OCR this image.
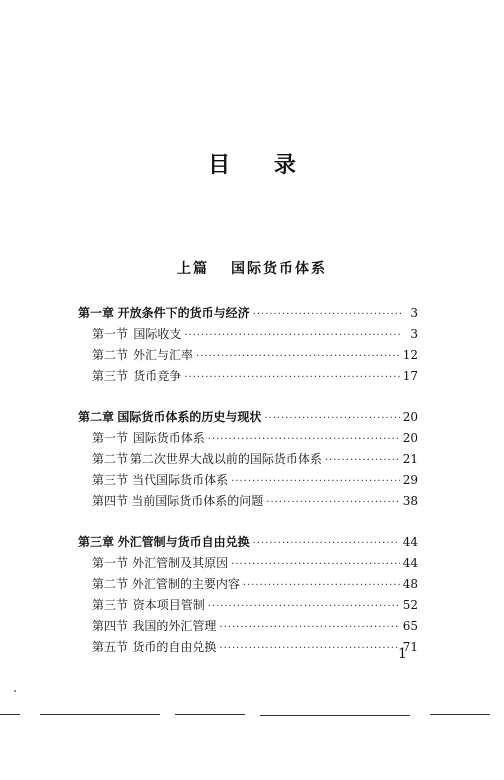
目 录
上篇 国际货币体系
第一章 开放条件下的货币与经济 ·····	3
第一节 国际收支 ·····	3
第二节 外汇与汇率 ·····	12
第三节 货币竞争 ·····	17
第二章 国际货币体系的历史与现状 ·····	20
第一节 国际货币体系 ·····	20
第二节 第二次世界大战以前的国际货币体系 ·····	21
第三节 当代国际货币体系 ·····	29
第四节 当前国际货币体系的问题 ·····	38
第三章 外汇管制与货币自由兑换 ·····	44
第一节 外汇管制及其原因 ·····	44
第二节 外汇管制的主要内容 ·····	48
第三节 资本项目管制 ·····	52
第四节 我国的外汇管理 ·····	65
第五节 货币的自由兑换 ·····	71
1
